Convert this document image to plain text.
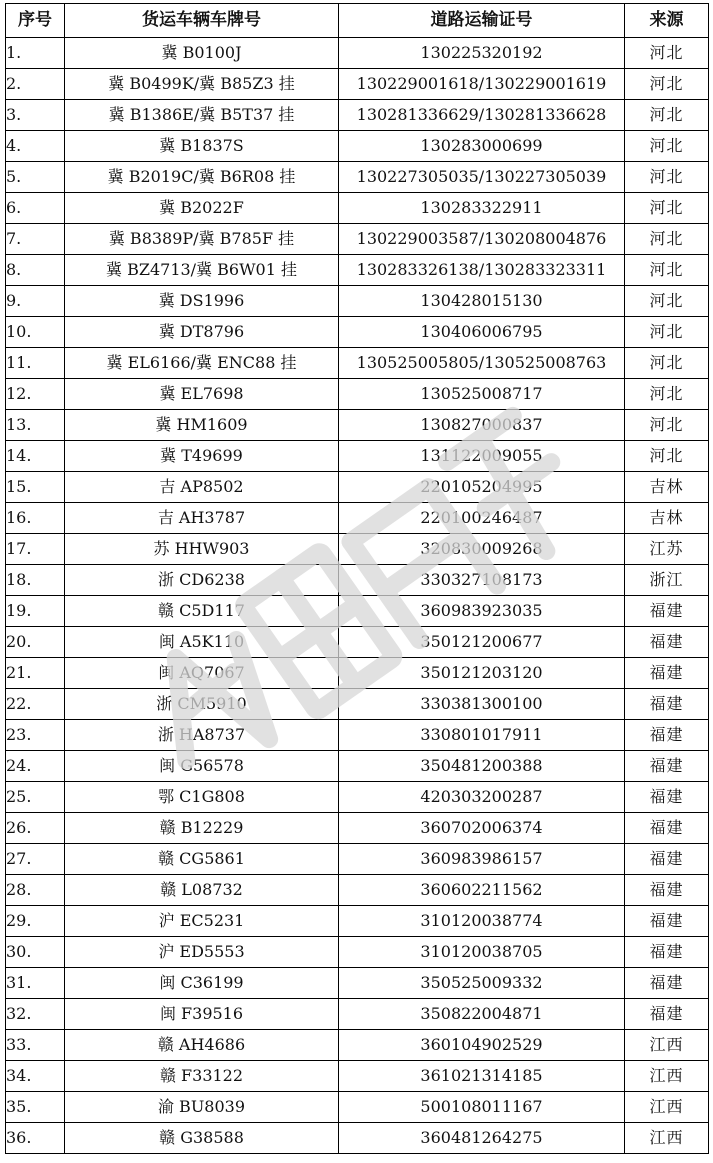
序号	货运车辆车牌号	道路运输证号	来源
1.	冀 B0100J	130225320192	河北
2.	冀 B0499K/冀 B85Z3 挂	130229001618/130229001619	河北
3.	冀 B1386E/冀 B5T37 挂	130281336629/130281336628	河北
4.	冀 B1837S	130283000699	河北
5.	冀 B2019C/冀 B6R08 挂	130227305035/130227305039	河北
6.	冀 B2022F	130283322911	河北
7.	冀 B8389P/冀 B785F 挂	130229003587/130208004876	河北
8.	冀 BZ4713/冀 B6W01 挂	130283326138/130283323311	河北
9.	冀 DS1996	130428015130	河北
10.	冀 DT8796	130406006795	河北
11.	冀 EL6166/冀 ENC88 挂	130525005805/130525008763	河北
12.	冀 EL7698	130525008717	河北
13.	冀 HM1609	130827000837	河北
14.	冀 T49699	131122009055	河北
15.	吉 AP8502	220105204995	吉林
16.	吉 AH3787	220100246487	吉林
17.	苏 HHW903	320830009268	江苏
18.	浙 CD6238	330327108173	浙江
19.	赣 C5D117	360983923035	福建
20.	闽 A5K110	350121200677	福建
21.	闽 AQ7067	350121203120	福建
22.	浙 CM5910	330381300100	福建
23.	浙 HA8737	330801017911	福建
24.	闽 G56578	350481200388	福建
25.	鄂 C1G808	420303200287	福建
26.	赣 B12229	360702006374	福建
27.	赣 CG5861	360983986157	福建
28.	赣 L08732	360602211562	福建
29.	沪 EC5231	310120038774	福建
30.	沪 ED5553	310120038705	福建
31.	闽 C36199	350525009332	福建
32.	闽 F39516	350822004871	福建
33.	赣 AH4686	360104902529	江西
34.	赣 F33122	361021314185	江西
35.	渝 BU8039	500108011167	江西
36.	赣 G38588	360481264275	江西
